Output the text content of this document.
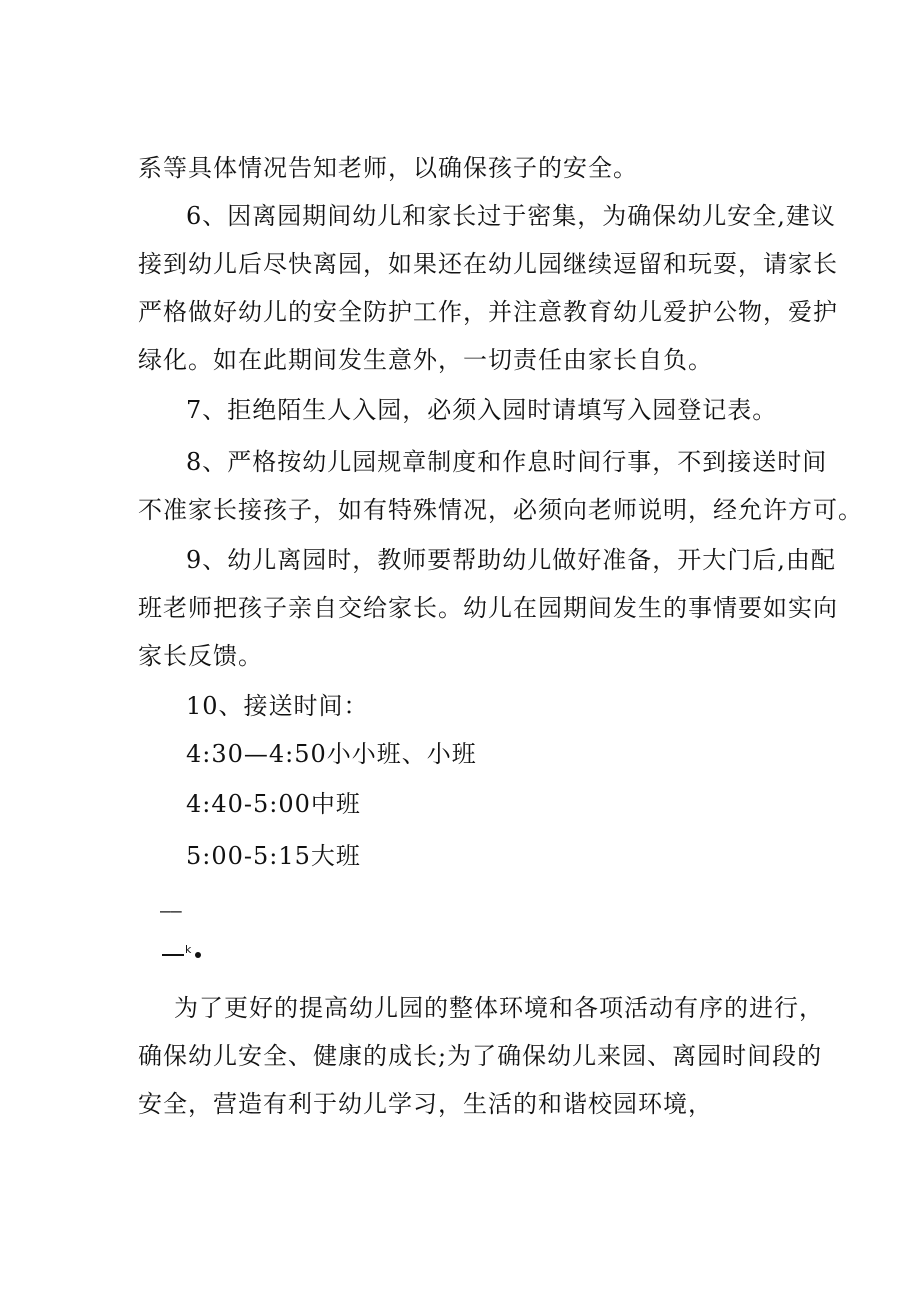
系等具体情况告知老师，以确保孩子的安全。
6、因离园期间幼儿和家长过于密集，为确保幼儿安全,建议
接到幼儿后尽快离园，如果还在幼儿园继续逗留和玩耍，请家长
严格做好幼儿的安全防护工作，并注意教育幼儿爱护公物，爱护
绿化。如在此期间发生意外，一切责任由家长自负。
7、拒绝陌生人入园，必须入园时请填写入园登记表。
8、严格按幼儿园规章制度和作息时间行事，不到接送时间
不准家长接孩子，如有特殊情况，必须向老师说明，经允许方可。
9、幼儿离园时，教师要帮助幼儿做好准备，开大门后,由配
班老师把孩子亲自交给家长。幼儿在园期间发生的事情要如实向
家长反馈。
10、接送时间：
4:30—4:50小小班、小班
4:40-5:00中班
5:00-5:15大班
——
k
为了更好的提高幼儿园的整体环境和各项活动有序的进行，
确保幼儿安全、健康的成长;为了确保幼儿来园、离园时间段的
安全，营造有利于幼儿学习，生活的和谐校园环境，
